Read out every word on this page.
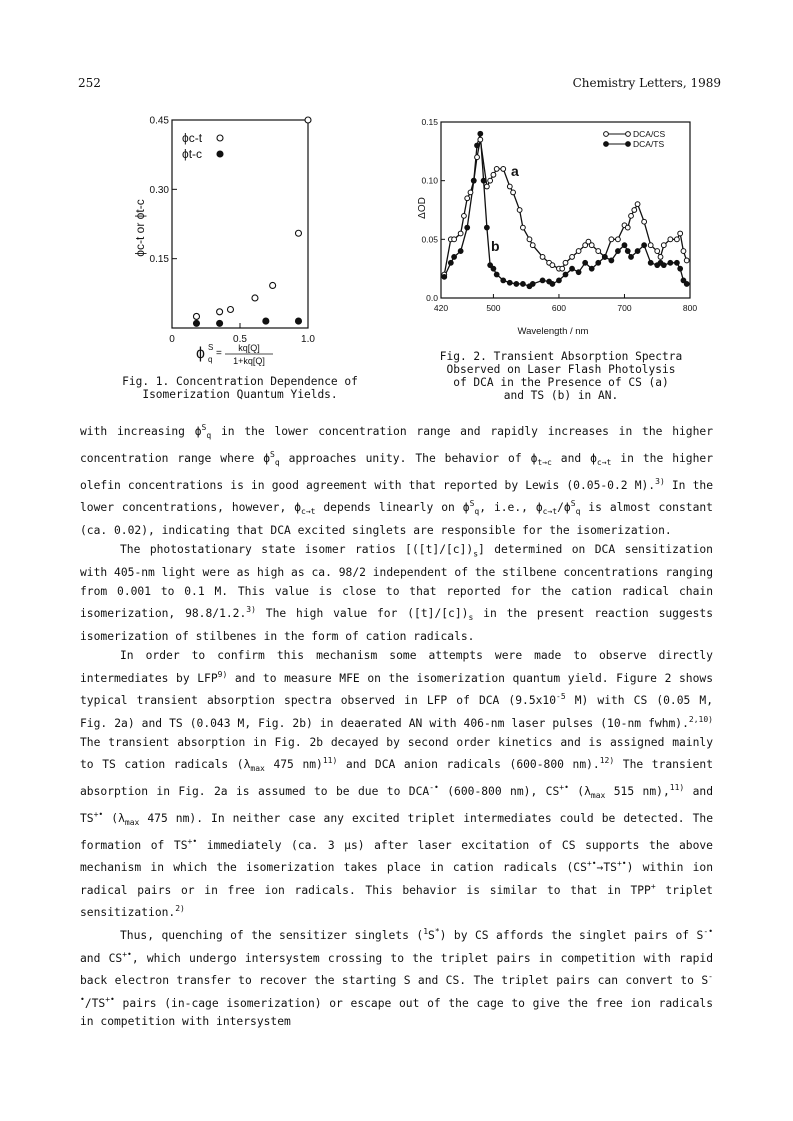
252	Chemistry Letters, 1989
0.15
0.30
0.45
0	0.5	1.0
ϕc-t
ϕt-c
ϕc-t or ϕt-c
ϕ S
q
= kq[Q]
1+kq[Q]
Fig. 1. Concentration Dependence of
Isomerization Quantum Yields.
0.0
0.05
0.10
0.15
420	500	600	700	800
DCA/CS
DCA/TS
ΔOD
Wavelength / nm
a
b
Fig. 2. Transient Absorption Spectra
Observed on Laser Flash Photolysis
of DCA in the Presence of CS (a)
and TS (b) in AN.

with increasing $\phi^S_q$ in the lower concentration range and rapidly increases in the higher concentration range where $\phi^S_q$ approaches unity. The behavior of $\phi_{t\to c}$ and $\phi_{c\to t}$ in the higher olefin concentrations is in good agreement with that reported by Lewis (0.05-0.2 M).$^{3)}$ In the lower concentrations, however, $\phi_{c\to t}$ depends linearly on $\phi^S_q$, i.e., $\phi_{c\to t}/\phi^S_q$ is almost constant (ca. 0.02), indicating that DCA excited singlets are responsible for the isomerization.

The photostationary state isomer ratios $[([t]/[c])_s]$ determined on DCA sensitization with 405-nm light were as high as ca. 98/2 independent of the stilbene concentrations ranging from 0.001 to 0.1 M. This value is close to that reported for the cation radical chain isomerization, 98.8/1.2.$^{3)}$ The high value for $([t]/[c])_s$ in the present reaction suggests isomerization of stilbenes in the form of cation radicals.

In order to confirm this mechanism some attempts were made to observe directly intermediates by LFP$^{9)}$ and to measure MFE on the isomerization quantum yield. Figure 2 shows typical transient absorption spectra observed in LFP of DCA ($9.5x10^{-5}$ M) with CS (0.05 M, Fig. 2a) and TS (0.043 M, Fig. 2b) in deaerated AN with 406-nm laser pulses (10-nm fwhm).$^{2,10)}$ The transient absorption in Fig. 2b decayed by second order kinetics and is assigned mainly to TS cation radicals ($\lambda_{max}$ 475 nm)$^{11)}$ and DCA anion radicals (600-800 nm).$^{12)}$ The transient absorption in Fig. 2a is assumed to be due to DCA-• (600-800 nm), CS+• ($\lambda_{max}$ 515 nm),$^{11)}$ and TS+• ($\lambda_{max}$ 475 nm). In neither case any excited triplet intermediates could be detected. The formation of TS+• immediately (ca. 3 μs) after laser excitation of CS supports the above mechanism in which the isomerization takes place in cation radicals (CS+•→TS+•) within ion radical pairs or in free ion radicals. This behavior is similar to that in TPP+ triplet sensitization.$^{2)}$

Thus, quenching of the sensitizer singlets ($^1$S*) by CS affords the singlet pairs of S-• and CS+•, which undergo intersystem crossing to the triplet pairs in competition with rapid back electron transfer to recover the starting S and CS. The triplet pairs can convert to S-•/TS+• pairs (in-cage isomerization) or escape out of the cage to give the free ion radicals in competition with intersystem
